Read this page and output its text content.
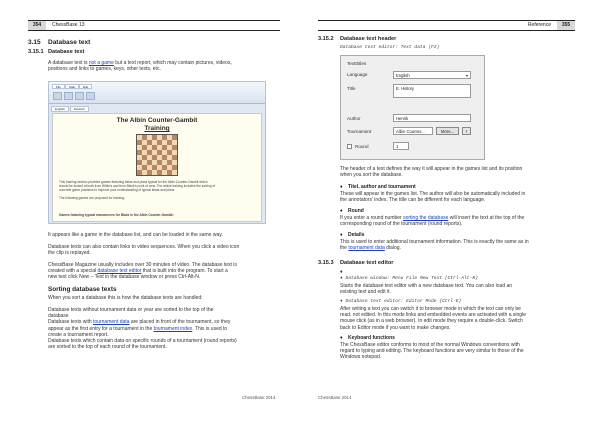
354	ChessBase 13
3.15 Database text
3.15.1 Database text
A database text is not a game but a text report, which may contain pictures, videos,
positions and links to games, keys, other texts, etc.
File	Start	Edit
English	Deutsch
The Albin Counter-Gambit
Training
This training section provides games featuring ideas and plans typical for the Albin Counter-Gambit which
should be looked at both from White's and from Black's point of view. The article training includes the solving of
concrete game positions to improve your understanding of typical ideas and plans.
The following games are proposed for training:
Games featuring typical manoeuvres for Black in the Albin Counter-Gambit:
It appears like a game in the database list, and can be loaded in the same way.
Database texts can also contain links to video sequences. When you click a video icon
the clip is replayed.
ChessBase Magazine usually includes over 30 minutes of video. The database text is
created with a special database text editor that is built into the program. To start a
new text click New – Text in the database window or press Ctrl-Alt-N.
Sorting database texts
When you sort a database this is how the database texts are handled:
Database texts without tournament data or year are sorted to the top of the
database
Database texts with tournament data are placed in front of the tournament, so they
appear as the first entry for a tournament in the tournament index. This is used to
create a tournament report.
Database texts which contain data on specific rounds of a tournament (round reports)
are sorted to the top of each round of the tournament.
ChessBase 2014
Reference	355
3.15.2 Database text header
Database text editor: Text data (F2)
Textttitles
Language	English	▾
Title	E. History
Author	Henrik
Tournament	Albin Counter...	More...	!
Round	1
The header of a text defines the way it will appear in the games list and its position
when you sort the database.
♦ Titel, author and tournament
These will appear in the games list. The author will also be automatically included in
the annotators' index. The title can be different for each language.
♦ Round
If you enter a round number sorting the database will insert the text at the top of the
corresponding round of the tournament (round reports).
♦ Details
This is used to enter additional tournament information. This is exactly the same as in
the tournament data dialog.
3.15.3 Database text editor
♦
♦ Database window: Menu File New Text (Ctrl-Alt-N)
Starts the database text editor with a new database text. You can also load an
existing text and edit it.
♦ Database text editor: Editor Mode (Ctrl-E)
After writing a text you can switch it to browser mode in which the text can only be
read, not edited. In this mode links and embedded events are activated with a single
mouse click (as in a web browser). In edit mode they require a double-click. Switch
back to Editor mode if you want to make changes.
♦ Keyboard functions
The ChessBase editor conforms to most of the normal Windows conventions with
regard to typing and editing. The keyboard functions are very similar to those of the
Windows notepad.
ChessBase 2014
